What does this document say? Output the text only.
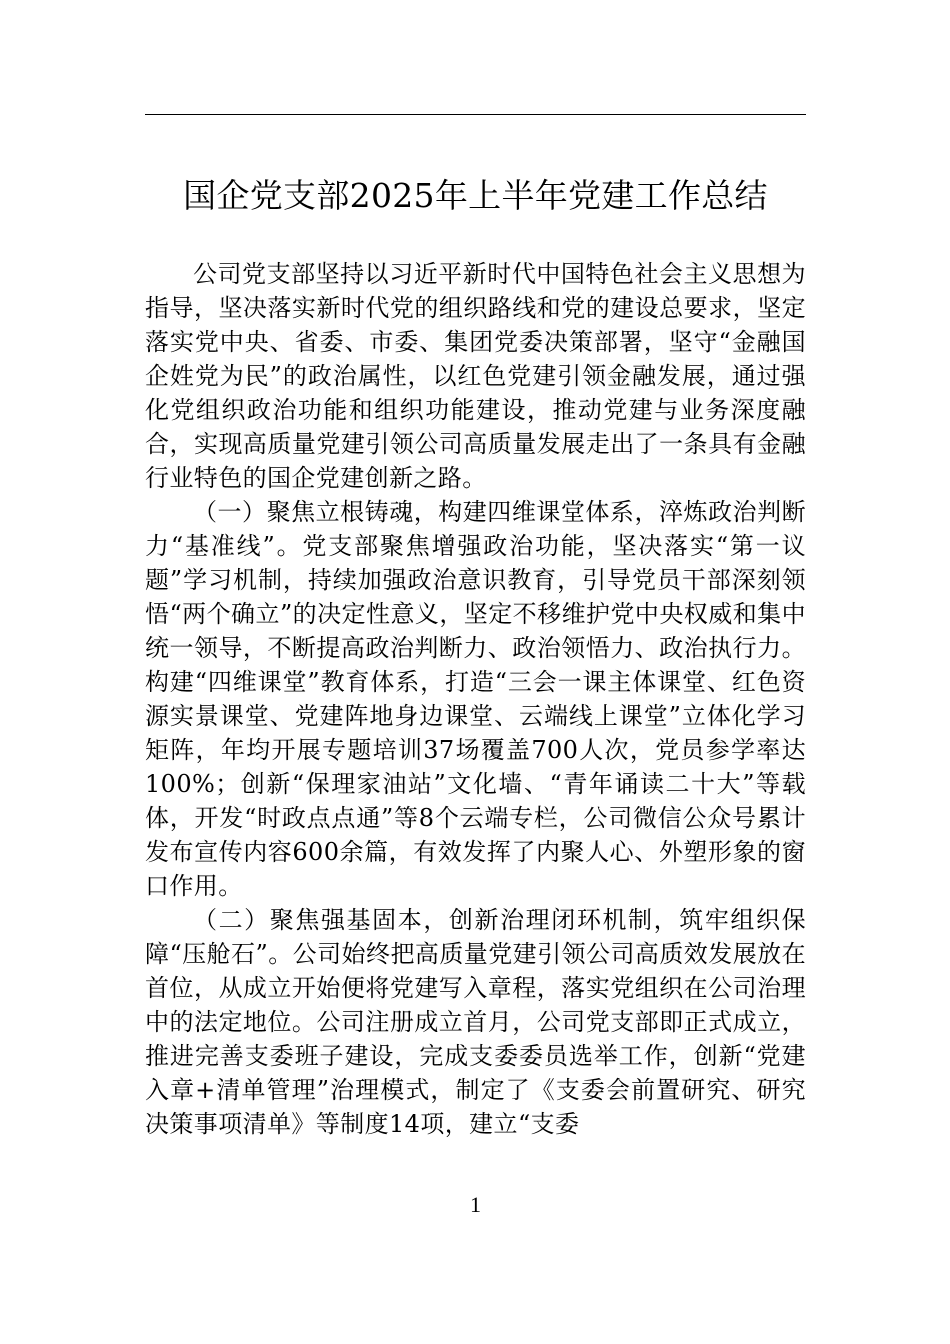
国企党支部2025年上半年党建工作总结

公司党支部坚持以习近平新时代中国特色社会主义思想为指导，坚决落实新时代党的组织路线和党的建设总要求，坚定落实党中央、省委、市委、集团党委决策部署，坚守“金融国企姓党为民”的政治属性，以红色党建引领金融发展，通过强化党组织政治功能和组织功能建设，推动党建与业务深度融合，实现高质量党建引领公司高质量发展走出了一条具有金融行业特色的国企党建创新之路。

（一）聚焦立根铸魂，构建四维课堂体系，淬炼政治判断力“基准线”。党支部聚焦增强政治功能，坚决落实“第一议题”学习机制，持续加强政治意识教育，引导党员干部深刻领悟“两个确立”的决定性意义，坚定不移维护党中央权威和集中统一领导，不断提高政治判断力、政治领悟力、政治执行力。构建“四维课堂”教育体系，打造“三会一课主体课堂、红色资源实景课堂、党建阵地身边课堂、云端线上课堂”立体化学习矩阵，年均开展专题培训37场覆盖700人次，党员参学率达100%；创新“保理家油站”文化墙、“青年诵读二十大”等载体，开发“时政点点通”等8个云端专栏，公司微信公众号累计发布宣传内容600余篇，有效发挥了内聚人心、外塑形象的窗口作用。

（二）聚焦强基固本，创新治理闭环机制，筑牢组织保障“压舱石”。公司始终把高质量党建引领公司高质效发展放在首位，从成立开始便将党建写入章程，落实党组织在公司治理中的法定地位。公司注册成立首月，公司党支部即正式成立，推进完善支委班子建设，完成支委委员选举工作，创新“党建入章+清单管理”治理模式，制定了《支委会前置研究、研究决策事项清单》等制度14项，建立“支委

1
